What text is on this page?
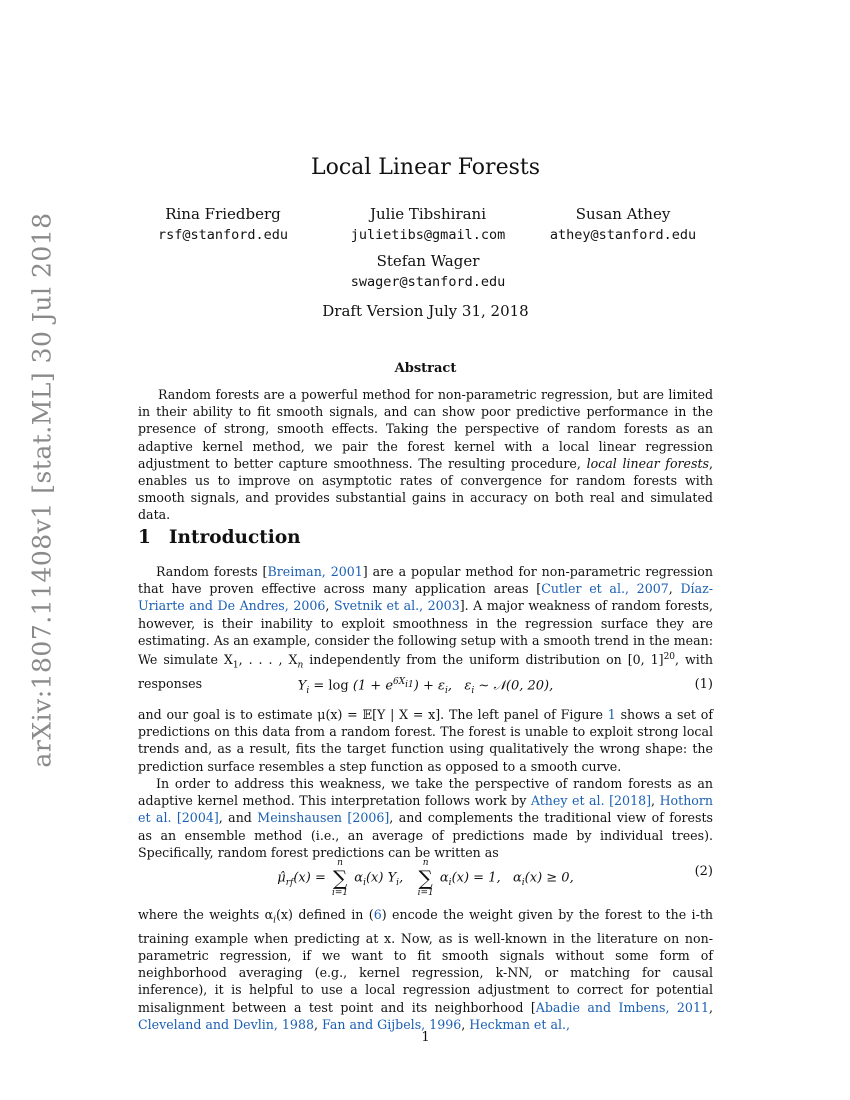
arXiv:1807.11408v1 [stat.ML] 30 Jul 2018
Local Linear Forests
Rina Friedberg
rsf@stanford.edu
Julie Tibshirani
julietibs@gmail.com
Susan Athey
athey@stanford.edu
Stefan Wager
swager@stanford.edu
Draft Version July 31, 2018
Abstract

Random forests are a powerful method for non-parametric regression, but are limited in their ability to fit smooth signals, and can show poor predictive performance in the presence of strong, smooth effects. Taking the perspective of random forests as an adaptive kernel method, we pair the forest kernel with a local linear regression adjustment to better capture smoothness. The resulting procedure, local linear forests, enables us to improve on asymptotic rates of convergence for random forests with smooth signals, and provides substantial gains in accuracy on both real and simulated data.

1 Introduction

Random forests [Breiman, 2001] are a popular method for non-parametric regression that have proven effective across many application areas [Cutler et al., 2007, Díaz-Uriarte and De Andres, 2006, Svetnik et al., 2003]. A major weakness of random forests, however, is their inability to exploit smoothness in the regression surface they are estimating. As an example, consider the following setup with a smooth trend in the mean: We simulate $X_1$, . . . , $X_n$ independently from the uniform distribution on [0, 1]$^{20}$, with responses	$Y_i = \log (1 + e^{6X_{i1}}) + \varepsilon_i$,   $\varepsilon_i$ ∼ 𝒩(0, 20),	(1)

and our goal is to estimate μ(x) = 𝔼[Y | X = x]. The left panel of Figure 1 shows a set of predictions on this data from a random forest. The forest is unable to exploit strong local trends and, as a result, fits the target function using qualitatively the wrong shape: the prediction surface resembles a step function as opposed to a smooth curve.

In order to address this weakness, we take the perspective of random forests as an adaptive kernel method. This interpretation follows work by Athey et al. [2018], Hothorn et al. [2004], and Meinshausen [2006], and complements the traditional view of forests as an ensemble method (i.e., an average of predictions made by individual trees). Specifically, random forest predictions can be written as

$\mû_{rf}(x)$ =
n
∑
i=1
$\alpha_i(x)$ $Y_i$,
n
∑
i=1
$\alpha_i(x) = 1$,   $\alpha_i(x) \ge 0$,	(2)

where the weights $\alpha_i(x)$ defined in (6) encode the weight given by the forest to the i-th training example when predicting at x. Now, as is well-known in the literature on non-parametric regression, if we want to fit smooth signals without some form of neighborhood averaging (e.g., kernel regression, k-NN, or matching for causal inference), it is helpful to use a local regression adjustment to correct for potential misalignment between a test point and its neighborhood [Abadie and Imbens, 2011, Cleveland and Devlin, 1988, Fan and Gijbels, 1996, Heckman et al.,

1
